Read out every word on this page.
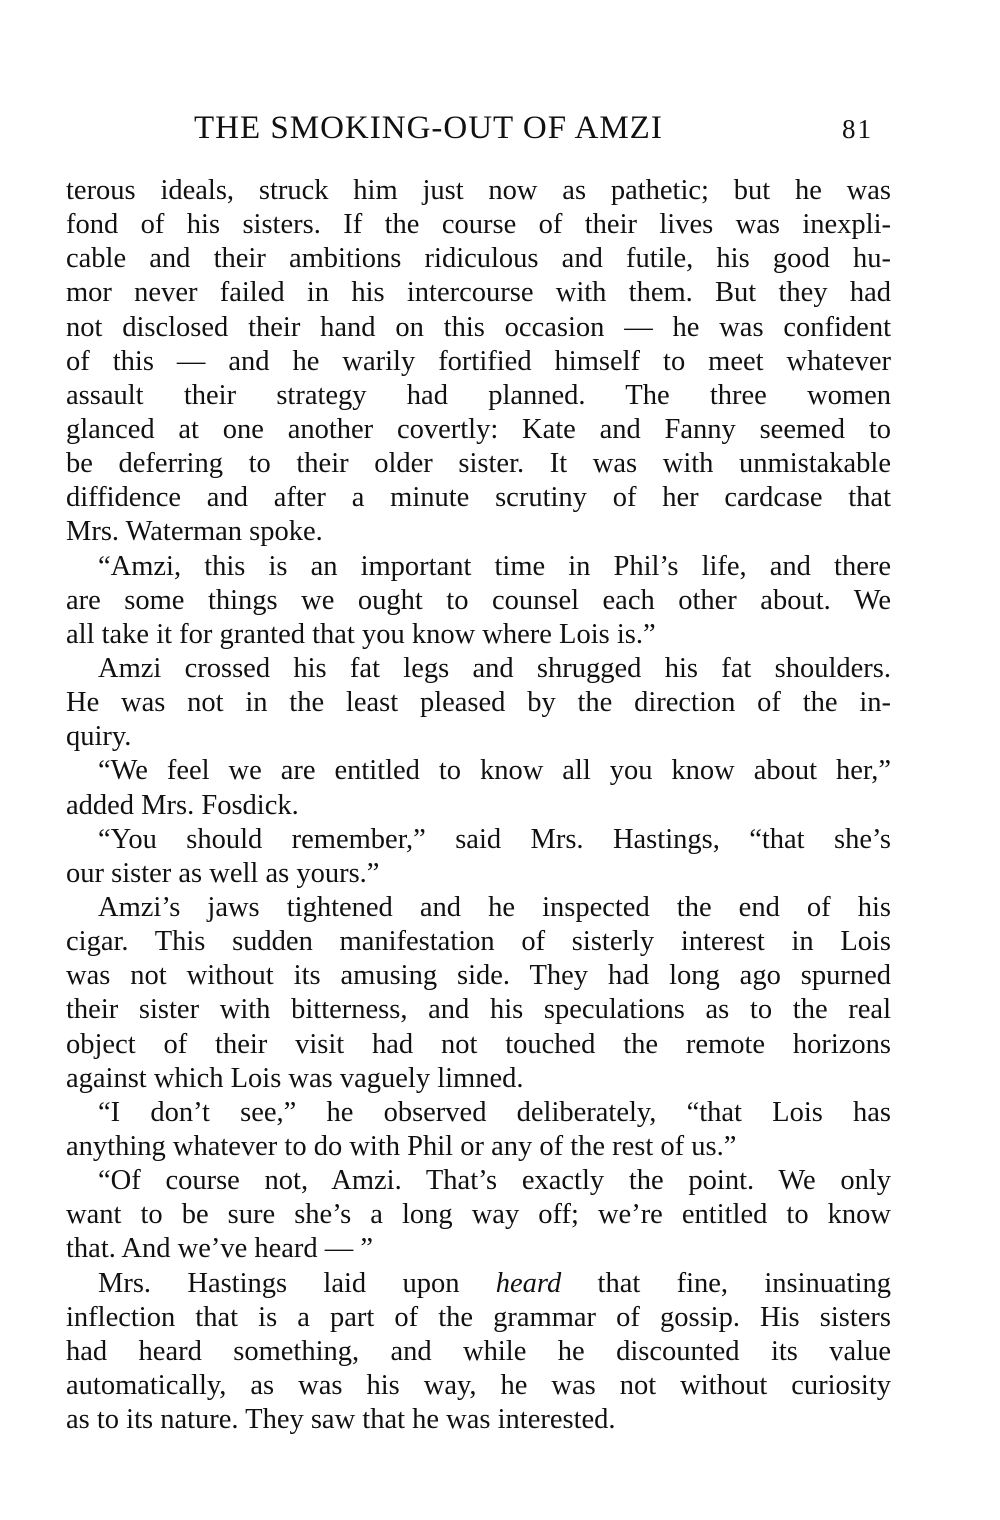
THE SMOKING-OUT OF AMZI	81
terous ideals, struck him just now as pathetic; but he was
fond of his sisters. If the course of their lives was inexpli-
cable and their ambitions ridiculous and futile, his good hu-
mor never failed in his intercourse with them. But they had
not disclosed their hand on this occasion — he was confident
of this — and he warily fortified himself to meet whatever
assault their strategy had planned. The three women
glanced at one another covertly: Kate and Fanny seemed to
be deferring to their older sister. It was with unmistakable
diffidence and after a minute scrutiny of her cardcase that
Mrs. Waterman spoke.
“Amzi, this is an important time in Phil’s life, and there
are some things we ought to counsel each other about. We
all take it for granted that you know where Lois is.”
Amzi crossed his fat legs and shrugged his fat shoulders.
He was not in the least pleased by the direction of the in-
quiry.
“We feel we are entitled to know all you know about her,”
added Mrs. Fosdick.
“You should remember,” said Mrs. Hastings, “that she’s
our sister as well as yours.”
Amzi’s jaws tightened and he inspected the end of his
cigar. This sudden manifestation of sisterly interest in Lois
was not without its amusing side. They had long ago spurned
their sister with bitterness, and his speculations as to the real
object of their visit had not touched the remote horizons
against which Lois was vaguely limned.
“I don’t see,” he observed deliberately, “that Lois has
anything whatever to do with Phil or any of the rest of us.”
“Of course not, Amzi. That’s exactly the point. We only
want to be sure she’s a long way off; we’re entitled to know
that. And we’ve heard — ”
Mrs. Hastings laid upon heard that fine, insinuating
inflection that is a part of the grammar of gossip. His sisters
had heard something, and while he discounted its value
automatically, as was his way, he was not without curiosity
as to its nature. They saw that he was interested.
